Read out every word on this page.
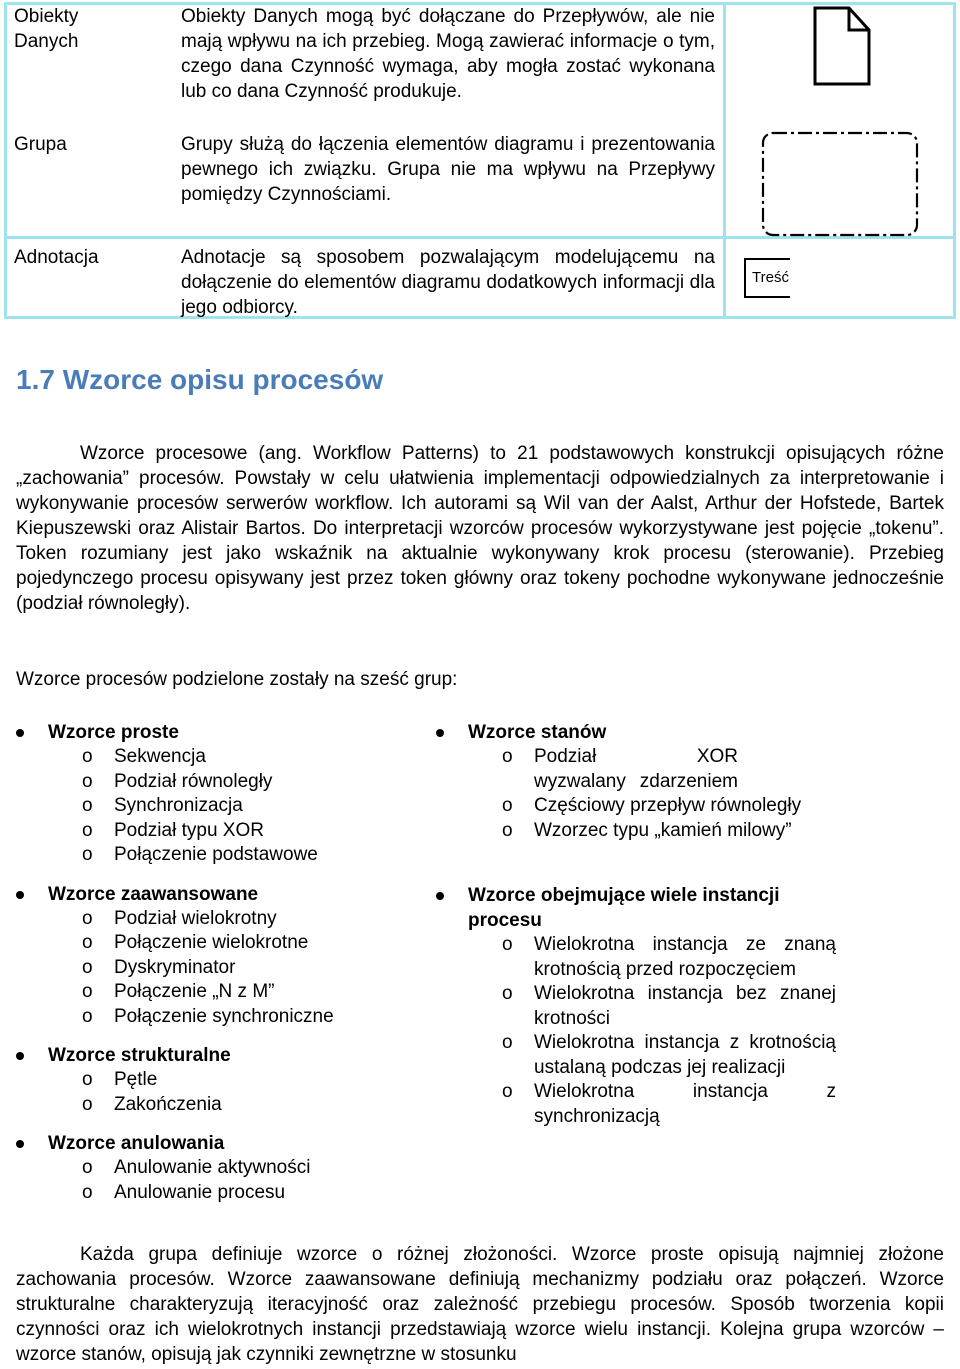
Obiekty Danych
Obiekty Danych mogą być dołączane do Przepływów, ale nie mają wpływu na ich przebieg. Mogą zawierać informacje o tym, czego dana Czynność wymaga, aby mogła zostać wykonana lub co dana Czynność produkuje.
Grupa	Grupy służą do łączenia elementów diagramu i prezentowania pewnego ich związku. Grupa nie ma wpływu na Przepływy pomiędzy Czynnościami.
Adnotacja	Adnotacje są sposobem pozwalającym modelującemu na dołączenie do elementów diagramu dodatkowych informacji dla jego odbiorcy.
Treść
1.7 Wzorce opisu procesów

Wzorce procesowe (ang. Workflow Patterns) to 21 podstawowych konstrukcji opisujących różne „zachowania” procesów. Powstały w celu ułatwienia implementacji odpowiedzialnych za interpretowanie i wykonywanie procesów serwerów workflow. Ich autorami są Wil van der Aalst, Arthur der Hofstede, Bartek Kiepuszewski oraz Alistair Bartos. Do interpretacji wzorców procesów wykorzystywane jest pojęcie „tokenu”. Token rozumiany jest jako wskaźnik na aktualnie wykonywany krok procesu (sterowanie). Przebieg pojedynczego procesu opisywany jest przez token główny oraz tokeny pochodne wykonywane jednocześnie (podział równoległy).

Wzorce procesów podzielone zostały na sześć grup:

Wzorce proste
o Sekwencja
o Podział równoległy
o Synchronizacja
o Podział typu XOR
o Połączenie podstawowe
Wzorce zaawansowane
o Podział wielokrotny
o Połączenie wielokrotne
o Dyskryminator
o Połączenie „N z M”
o Połączenie synchroniczne
Wzorce strukturalne
o Pętle
o Zakończenia
Wzorce anulowania
o Anulowanie aktywności
o Anulowanie procesu
Wzorce stanów
o Podział XOR wyzwalany zdarzeniem
o Częściowy przepływ równoległy
o Wzorzec typu „kamień milowy”
Wzorce obejmujące wiele instancji procesu
o Wielokrotna instancja ze znaną krotnością przed rozpoczęciem
o Wielokrotna instancja bez znanej krotności
o Wielokrotna instancja z krotnością ustalaną podczas jej realizacji
o Wielokrotna instancja z synchronizacją

Każda grupa definiuje wzorce o różnej złożoności. Wzorce proste opisują najmniej złożone zachowania procesów. Wzorce zaawansowane definiują mechanizmy podziału oraz połączeń. Wzorce strukturalne charakteryzują iteracyjność oraz zależność przebiegu procesów. Sposób tworzenia kopii czynności oraz ich wielokrotnych instancji przedstawiają wzorce wielu instancji. Kolejna grupa wzorców – wzorce stanów, opisują jak czynniki zewnętrzne w stosunku
